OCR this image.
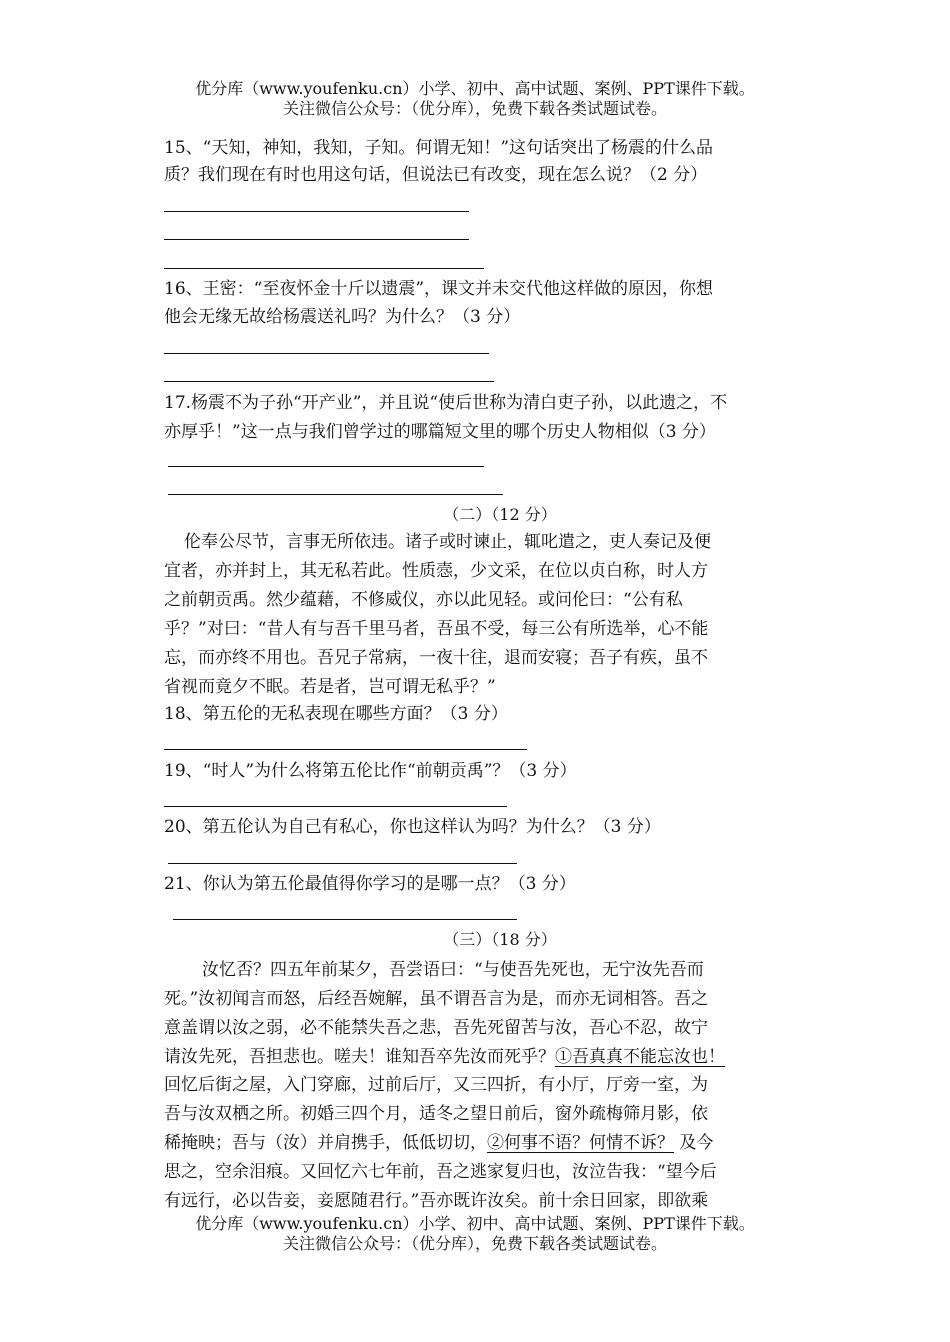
优分库（www.youfenku.cn）小学、初中、高中试题、案例、PPT课件下载。
关注微信公众号：（优分库），免费下载各类试题试卷。
15、“天知，神知，我知，子知。何谓无知！”这句话突出了杨震的什么品
质？我们现在有时也用这句话，但说法已有改变，现在怎么说？（2 分）
16、王密：“至夜怀金十斤以遗震”，课文并未交代他这样做的原因，你想
他会无缘无故给杨震送礼吗？为什么？（3 分）
17.杨震不为子孙“开产业”，并且说“使后世称为清白吏子孙，以此遗之，不
亦厚乎！”这一点与我们曾学过的哪篇短文里的哪个历史人物相似（3 分）
（二）（12 分）
伦奉公尽节，言事无所依违。诸子或时谏止，辄叱遣之，吏人奏记及便
宜者，亦并封上，其无私若此。性质悫，少文采，在位以贞白称，时人方
之前朝贡禹。然少蕴藉，不修威仪，亦以此见轻。或问伦曰：“公有私
乎？”对曰：“昔人有与吾千里马者，吾虽不受，每三公有所选举，心不能
忘，而亦终不用也。吾兄子常病，一夜十往，退而安寝；吾子有疾，虽不
省视而竟夕不眠。若是者，岂可谓无私乎？”
18、第五伦的无私表现在哪些方面？（3 分）
19、“时人”为什么将第五伦比作“前朝贡禹”？（3 分）
20、第五伦认为自己有私心，你也这样认为吗？为什么？（3 分）
21、你认为第五伦最值得你学习的是哪一点？（3 分）
（三）（18 分）
汝忆否？四五年前某夕，吾尝语曰：“与使吾先死也，无宁汝先吾而
死。”汝初闻言而怒，后经吾婉解，虽不谓吾言为是，而亦无词相答。吾之
意盖谓以汝之弱，必不能禁失吾之悲，吾先死留苦与汝，吾心不忍，故宁
请汝先死，吾担悲也。嗟夫！谁知吾卒先汝而死乎？①吾真真不能忘汝也！
回忆后街之屋，入门穿廊，过前后厅，又三四折，有小厅，厅旁一室，为
吾与汝双栖之所。初婚三四个月，适冬之望日前后，窗外疏梅筛月影，依
稀掩映；吾与（汝）并肩携手，低低切切，②何事不语？何情不诉？ 及今
思之，空余泪痕。又回忆六七年前，吾之逃家复归也，汝泣告我：“望今后
有远行，必以告妾，妾愿随君行。”吾亦既许汝矣。前十余日回家，即欲乘
优分库（www.youfenku.cn）小学、初中、高中试题、案例、PPT课件下载。
关注微信公众号：（优分库），免费下载各类试题试卷。
